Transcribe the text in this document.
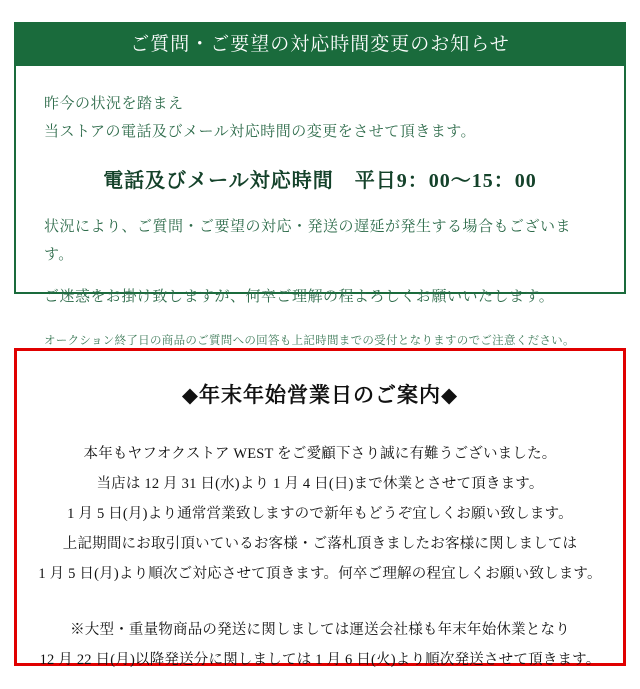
ご質問・ご要望の対応時間変更のお知らせ
昨今の状況を踏まえ
当ストアの電話及びメール対応時間の変更をさせて頂きます。
電話及びメール対応時間　平日9：00〜15：00
状況により、ご質問・ご要望の対応・発送の遅延が発生する場合もございます。
ご迷惑をお掛け致しますが、何卒ご理解の程よろしくお願いいたします。
オークション終了日の商品のご質問への回答も上記時間までの受付となりますのでご注意ください。
◆年末年始営業日のご案内◆
本年もヤフオクストア WEST をご愛顧下さり誠に有難うございました。
当店は 12 月 31 日(水)より 1 月 4 日(日)まで休業とさせて頂きます。
1 月 5 日(月)より通常営業致しますので新年もどうぞ宜しくお願い致します。
上記期間にお取引頂いているお客様・ご落札頂きましたお客様に関しましては
1 月 5 日(月)より順次ご対応させて頂きます。何卒ご理解の程宜しくお願い致します。
※大型・重量物商品の発送に関しましては運送会社様も年末年始休業となり
12 月 22 日(月)以降発送分に関しましては 1 月 6 日(火)より順次発送させて頂きます。
